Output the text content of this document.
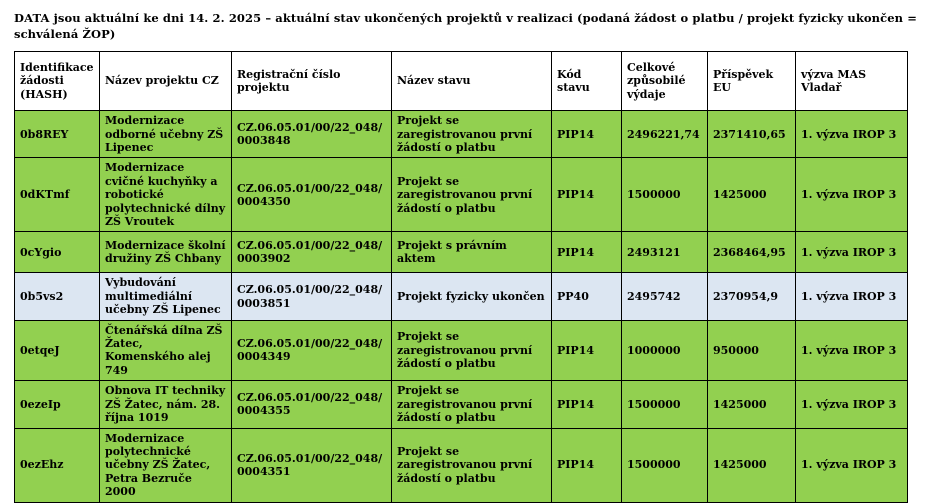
DATA jsou aktuální ke dni 14. 2. 2025 – aktuální stav ukončených projektů v realizaci (podaná žádost o platbu / projekt fyzicky ukončen = schválená ŽOP)
Identifikace žádosti (HASH)	Název projektu CZ	Registrační číslo projektu	Název stavu	Kód stavu	Celkové způsobilé výdaje	Příspěvek EU	výzva MAS Vladař
0b8REY	Modernizace odborné učebny ZŠ Lipenec	CZ.06.05.01/00/22_048/0003848	Projekt se zaregistrovanou první žádostí o platbu	PIP14	2496221,74	2371410,65	1. výzva IROP 3
0dKTmf	Modernizace cvičné kuchyňky a robotické polytechnické dílny ZŠ Vroutek	CZ.06.05.01/00/22_048/0004350	Projekt se zaregistrovanou první žádostí o platbu	PIP14	1500000	1425000	1. výzva IROP 3
0cYgio	Modernizace školní družiny ZŠ Chbany	CZ.06.05.01/00/22_048/0003902	Projekt s právním aktem	PIP14	2493121	2368464,95	1. výzva IROP 3
0b5vs2	Vybudování multimediální učebny ZŠ Lipenec	CZ.06.05.01/00/22_048/0003851	Projekt fyzicky ukončen	PP40	2495742	2370954,9	1. výzva IROP 3
0etqeJ	Čtenářská dílna ZŠ Žatec, Komenského alej 749	CZ.06.05.01/00/22_048/0004349	Projekt se zaregistrovanou první žádostí o platbu	PIP14	1000000	950000	1. výzva IROP 3
0ezeIp	Obnova IT techniky ZŠ Žatec, nám. 28. října 1019	CZ.06.05.01/00/22_048/0004355	Projekt se zaregistrovanou první žádostí o platbu	PIP14	1500000	1425000	1. výzva IROP 3
0ezEhz	Modernizace polytechnické učebny ZŠ Žatec, Petra Bezruče 2000	CZ.06.05.01/00/22_048/0004351	Projekt se zaregistrovanou první žádostí o platbu	PIP14	1500000	1425000	1. výzva IROP 3
